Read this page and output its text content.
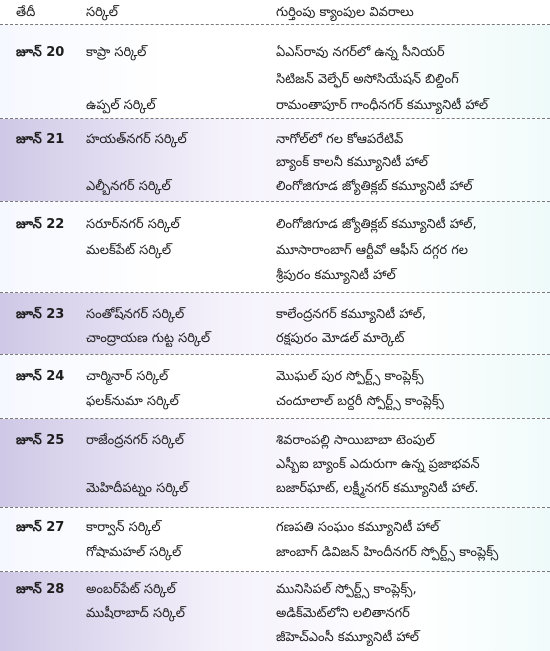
తేదీ	సర్కిల్	గుర్తింపు క్యాంపుల వివరాలు
జూన్ 20	కాప్రా సర్కిల్	ఏఎస్‌రావు నగర్‌లో ఉన్న సీనియర్
సిటిజన్ వెల్ఫేర్ అసోసియేషన్ బిల్డింగ్
ఉప్పల్ సర్కిల్	రామంతాపూర్ గాంధీనగర్ కమ్యూనిటీ హాల్
జూన్ 21	హయత్‌నగర్ సర్కిల్	నాగోల్‌లో గల కోఆపరేటివ్
బ్యాంక్ కాలనీ కమ్యూనిటీ హాల్
ఎల్బీనగర్ సర్కిల్	లింగోజిగూడ జ్యోతిక్లబ్ కమ్యూనిటీ హాల్
జూన్ 22	సరూర్‌నగర్ సర్కిల్	లింగోజిగూడ జ్యోతిక్లబ్ కమ్యూనిటీ హాల్,
మలక్‌పేట్ సర్కిల్	మూసారాంబాగ్ ఆర్టీవో ఆఫీస్ దగ్గర గల
శ్రీపురం కమ్యూనిటీ హాల్
జూన్ 23	సంతోష్‌నగర్ సర్కిల్	కాలేంద్రనగర్ కమ్యూనిటీ హాల్,
చాంద్రాయణ గుట్ట సర్కిల్	రక్షపురం మోడల్ మార్కెట్
జూన్ 24	చార్మినార్ సర్కిల్	మొఘల్ పుర స్పోర్ట్స్ కాంప్లెక్స్
ఫలక్‌నుమా సర్కిల్	చందూలాల్ బర్దరీ స్పోర్ట్స్ కాంప్లెక్స్
జూన్ 25	రాజేంద్రనగర్ సర్కిల్	శివరాంపల్లి సాయిబాబా టెంపుల్
ఎస్బీఐ బ్యాంక్ ఎదురుగా ఉన్న ప్రజాభవన్
మెహిదీపట్నం సర్కిల్	బజార్‌ఘాట్, లక్ష్మీనగర్ కమ్యూనిటీ హాల్.
జూన్ 27	కార్వాన్ సర్కిల్	గణపతి సంఘం కమ్యూనిటీ హాల్
గోషామహల్ సర్కిల్	జాంబాగ్ డివిజన్ హిందీనగర్ స్పోర్ట్స్ కాంప్లెక్స్
జూన్ 28	అంబర్‌పేట్ సర్కిల్	మునిసిపల్ స్పోర్ట్స్ కాంప్లెక్స్,
ముషీరాబాద్ సర్కిల్	అడిక్‌మెట్‌లోని లలితానగర్
జీహెచ్‌ఎంసీ కమ్యూనిటీ హాల్
